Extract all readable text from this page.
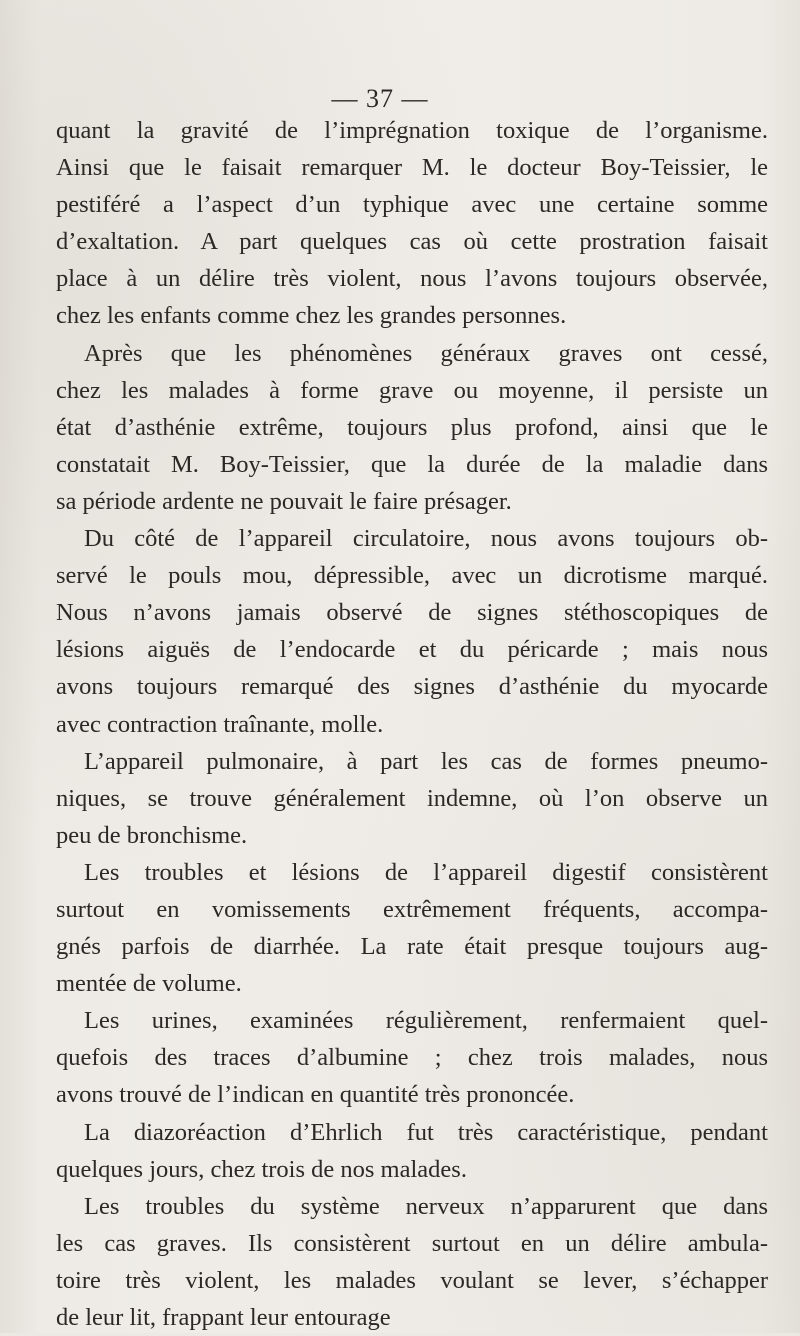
— 37 —
quant la gravité de l’imprégnation toxique de l’organisme.
Ainsi que le faisait remarquer M. le docteur Boy-Teissier, le
pestiféré a l’aspect d’un typhique avec une certaine somme
d’exaltation. A part quelques cas où cette prostration faisait
place à un délire très violent, nous l’avons toujours observée,
chez les enfants comme chez les grandes personnes.
Après que les phénomènes généraux graves ont cessé,
chez les malades à forme grave ou moyenne, il persiste un
état d’asthénie extrême, toujours plus profond, ainsi que le
constatait M. Boy-Teissier, que la durée de la maladie dans
sa période ardente ne pouvait le faire présager.
Du côté de l’appareil circulatoire, nous avons toujours ob-
servé le pouls mou, dépressible, avec un dicrotisme marqué.
Nous n’avons jamais observé de signes stéthoscopiques de
lésions aiguës de l’endocarde et du péricarde ; mais nous
avons toujours remarqué des signes d’asthénie du myocarde
avec contraction traînante, molle.
L’appareil pulmonaire, à part les cas de formes pneumo-
niques, se trouve généralement indemne, où l’on observe un
peu de bronchisme.
Les troubles et lésions de l’appareil digestif consistèrent
surtout en vomissements extrêmement fréquents, accompa-
gnés parfois de diarrhée. La rate était presque toujours aug-
mentée de volume.
Les urines, examinées régulièrement, renfermaient quel-
quefois des traces d’albumine ; chez trois malades, nous
avons trouvé de l’indican en quantité très prononcée.
La diazoréaction d’Ehrlich fut très caractéristique, pendant
quelques jours, chez trois de nos malades.
Les troubles du système nerveux n’apparurent que dans
les cas graves. Ils consistèrent surtout en un délire ambula-
toire très violent, les malades voulant se lever, s’échapper
de leur lit, frappant leur entourage
